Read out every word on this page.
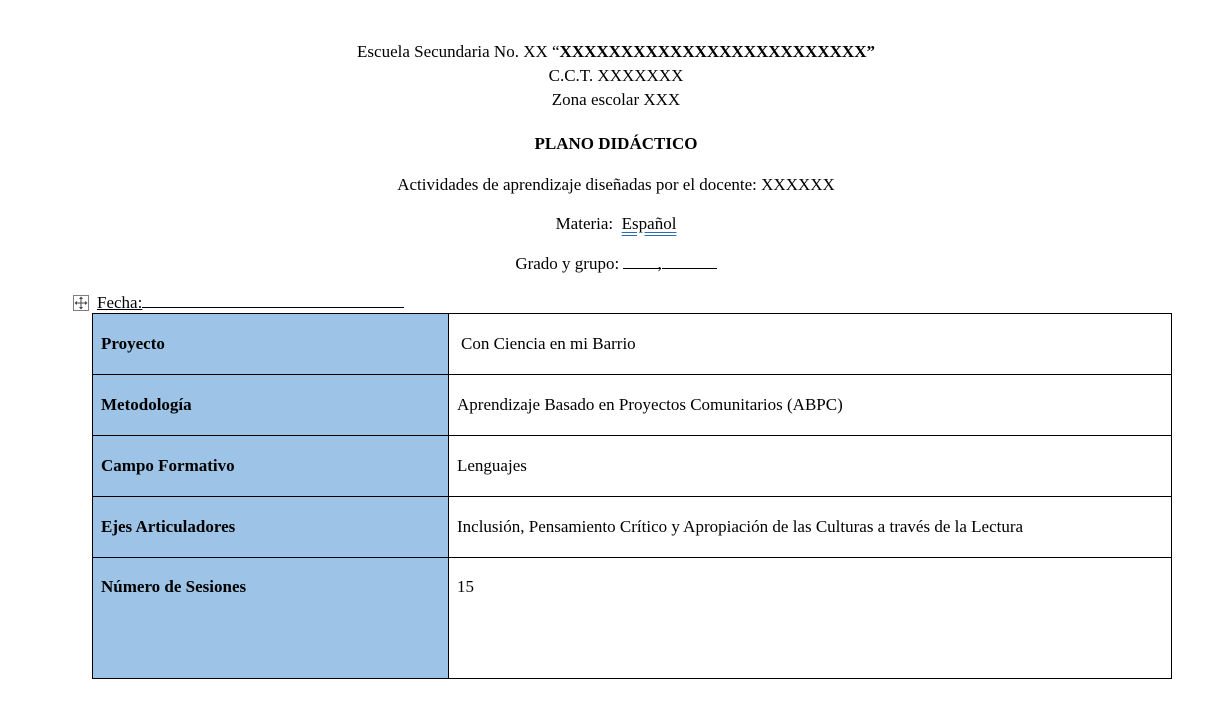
Escuela Secundaria No. XX “XXXXXXXXXXXXXXXXXXXXXXXXX”
C.C.T. XXXXXXX
Zona escolar XXX
PLANO DIDÁCTICO
Actividades de aprendizaje diseñadas por el docente: XXXXXX
Materia: Español
Grado y grupo: ,
Fecha:
Proyecto	Con Ciencia en mi Barrio
Metodología	Aprendizaje Basado en Proyectos Comunitarios (ABPC)
Campo Formativo	Lenguajes
Ejes Articuladores	Inclusión, Pensamiento Crítico y Apropiación de las Culturas a través de la Lectura
Número de Sesiones	15
